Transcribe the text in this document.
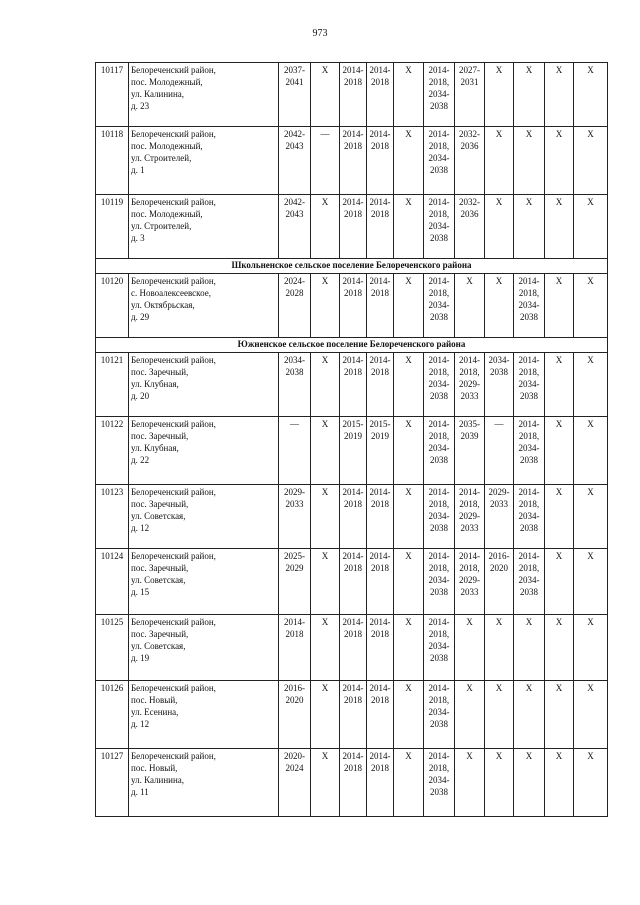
973
10117	Белореченский район,
пос. Молодежный,
ул. Калинина,
д. 23	2037-
2041	X	2014-
2018	2014-
2018	X	2014-
2018,
2034-
2038	2027-
2031	X	X	X	X
10118	Белореченский район,
пос. Молодежный,
ул. Строителей,
д. 1	2042-
2043	—	2014-
2018	2014-
2018	X	2014-
2018,
2034-
2038	2032-
2036	X	X	X	X
10119	Белореченский район,
пос. Молодежный,
ул. Строителей,
д. 3	2042-
2043	X	2014-
2018	2014-
2018	X	2014-
2018,
2034-
2038	2032-
2036	X	X	X	X
Школьненское сельское поселение Белореченского района												
10120	Белореченский район,
с. Новоалексеевское,
ул. Октябрьская,
д. 29	2024-
2028	X	2014-
2018	2014-
2018	X	2014-
2018,
2034-
2038	X	X	2014-
2018,
2034-
2038	X	X
Южненское сельское поселение Белореченского района												
10121	Белореченский район,
пос. Заречный,
ул. Клубная,
д. 20	2034-
2038	X	2014-
2018	2014-
2018	X	2014-
2018,
2034-
2038	2014-
2018,
2029-
2033	2034-
2038	2014-
2018,
2034-
2038	X	X
10122	Белореченский район,
пос. Заречный,
ул. Клубная,
д. 22	—	X	2015-
2019	2015-
2019	X	2014-
2018,
2034-
2038	2035-
2039	—	2014-
2018,
2034-
2038	X	X
10123	Белореченский район,
пос. Заречный,
ул. Советская,
д. 12	2029-
2033	X	2014-
2018	2014-
2018	X	2014-
2018,
2034-
2038	2014-
2018,
2029-
2033	2029-
2033	2014-
2018,
2034-
2038	X	X
10124	Белореченский район,
пос. Заречный,
ул. Советская,
д. 15	2025-
2029	X	2014-
2018	2014-
2018	X	2014-
2018,
2034-
2038	2014-
2018,
2029-
2033	2016-
2020	2014-
2018,
2034-
2038	X	X
10125	Белореченский район,
пос. Заречный,
ул. Советская,
д. 19	2014-
2018	X	2014-
2018	2014-
2018	X	2014-
2018,
2034-
2038	X	X	X	X	X
10126	Белореченский район,
пос. Новый,
ул. Есенина,
д. 12	2016-
2020	X	2014-
2018	2014-
2018	X	2014-
2018,
2034-
2038	X	X	X	X	X
10127	Белореченский район,
пос. Новый,
ул. Калинина,
д. 11	2020-
2024	X	2014-
2018	2014-
2018	X	2014-
2018,
2034-
2038	X	X	X	X	X
